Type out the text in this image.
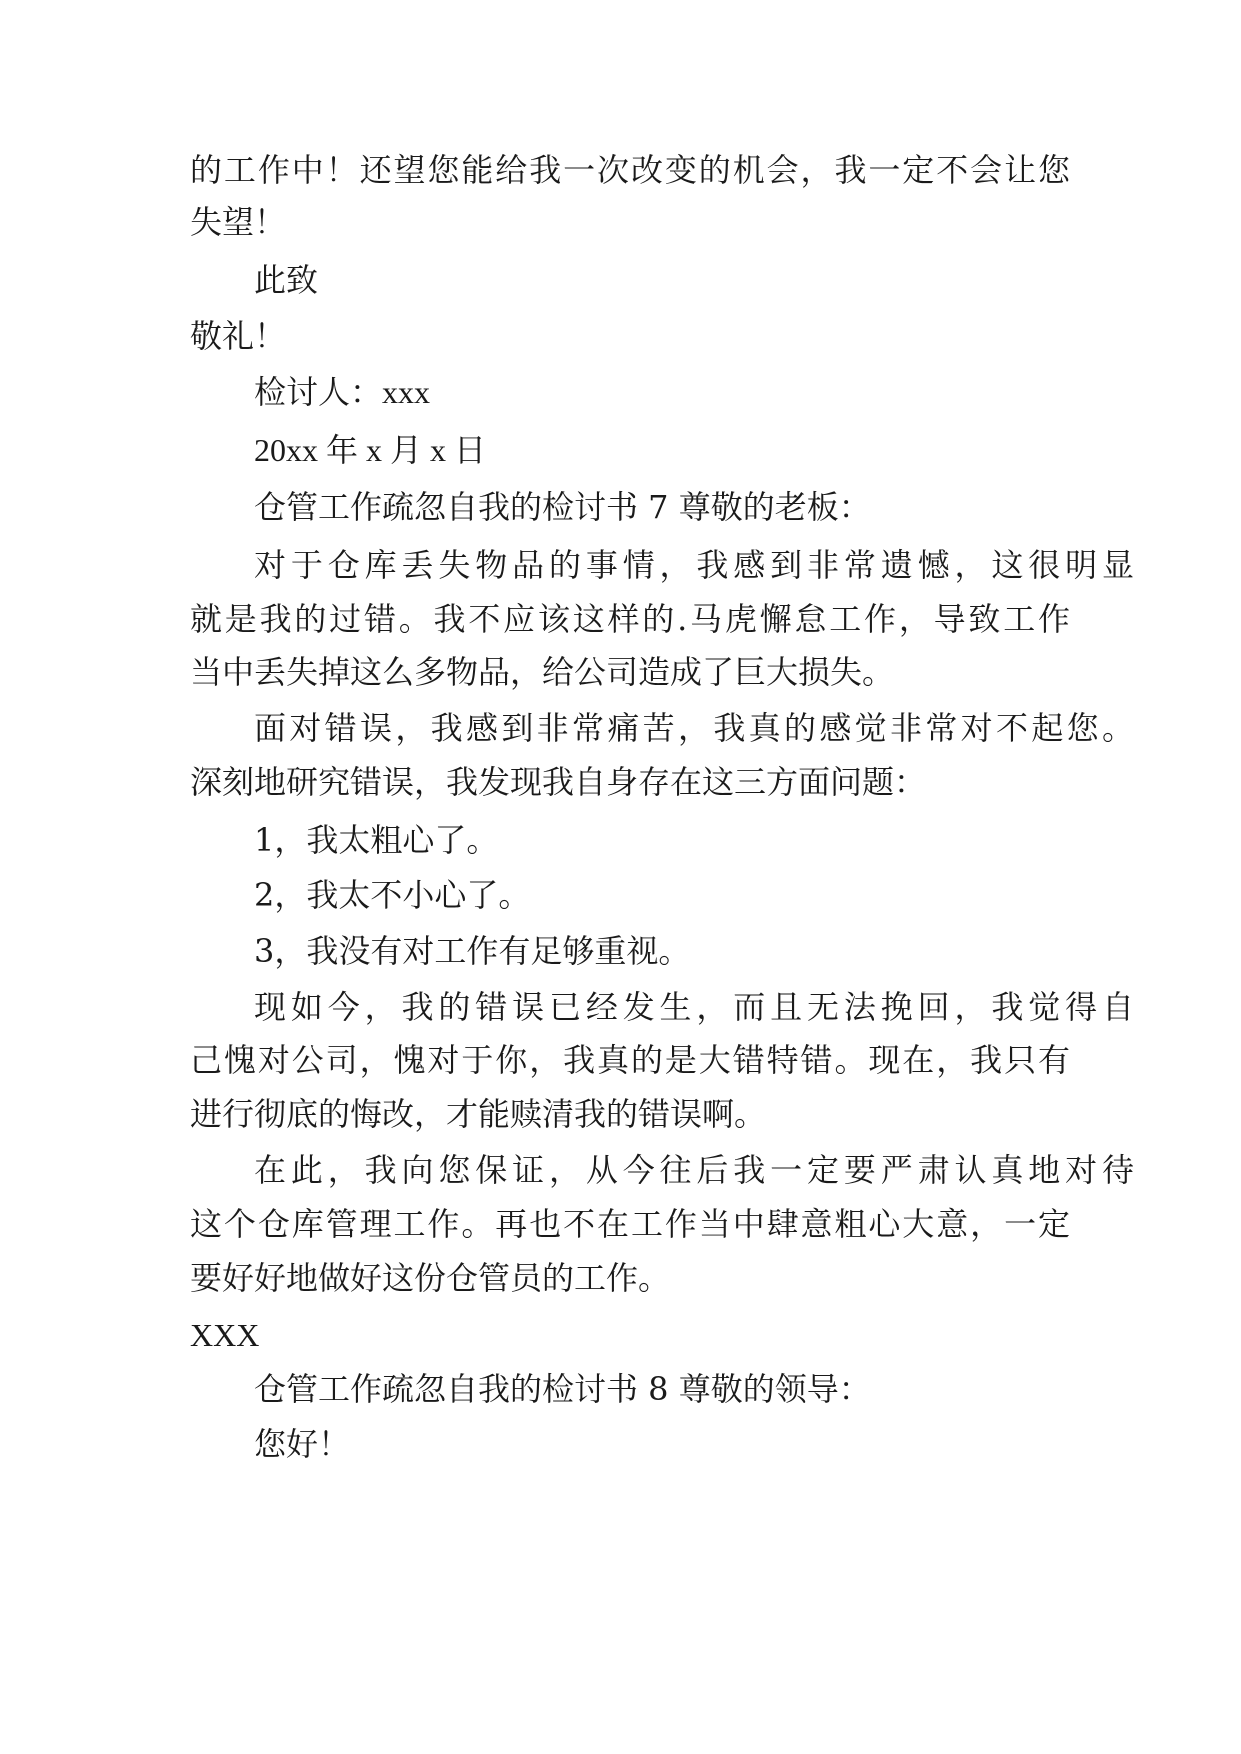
的工作中！还望您能给我一次改变的机会，我一定不会让您

失望！

此致

敬礼！

检讨人：xxx

20xx 年 x 月 x 日

仓管工作疏忽自我的检讨书 7 尊敬的老板：

对于仓库丢失物品的事情，我感到非常遗憾，这很明显

就是我的过错。我不应该这样的.马虎懈怠工作，导致工作

当中丢失掉这么多物品，给公司造成了巨大损失。

面对错误，我感到非常痛苦，我真的感觉非常对不起您。

深刻地研究错误，我发现我自身存在这三方面问题：

1，我太粗心了。

2，我太不小心了。

3，我没有对工作有足够重视。

现如今，我的错误已经发生，而且无法挽回，我觉得自

己愧对公司，愧对于你，我真的是大错特错。现在，我只有

进行彻底的悔改，才能赎清我的错误啊。

在此，我向您保证，从今往后我一定要严肃认真地对待

这个仓库管理工作。再也不在工作当中肆意粗心大意，一定

要好好地做好这份仓管员的工作。

XXX

仓管工作疏忽自我的检讨书 8 尊敬的领导：

您好！
